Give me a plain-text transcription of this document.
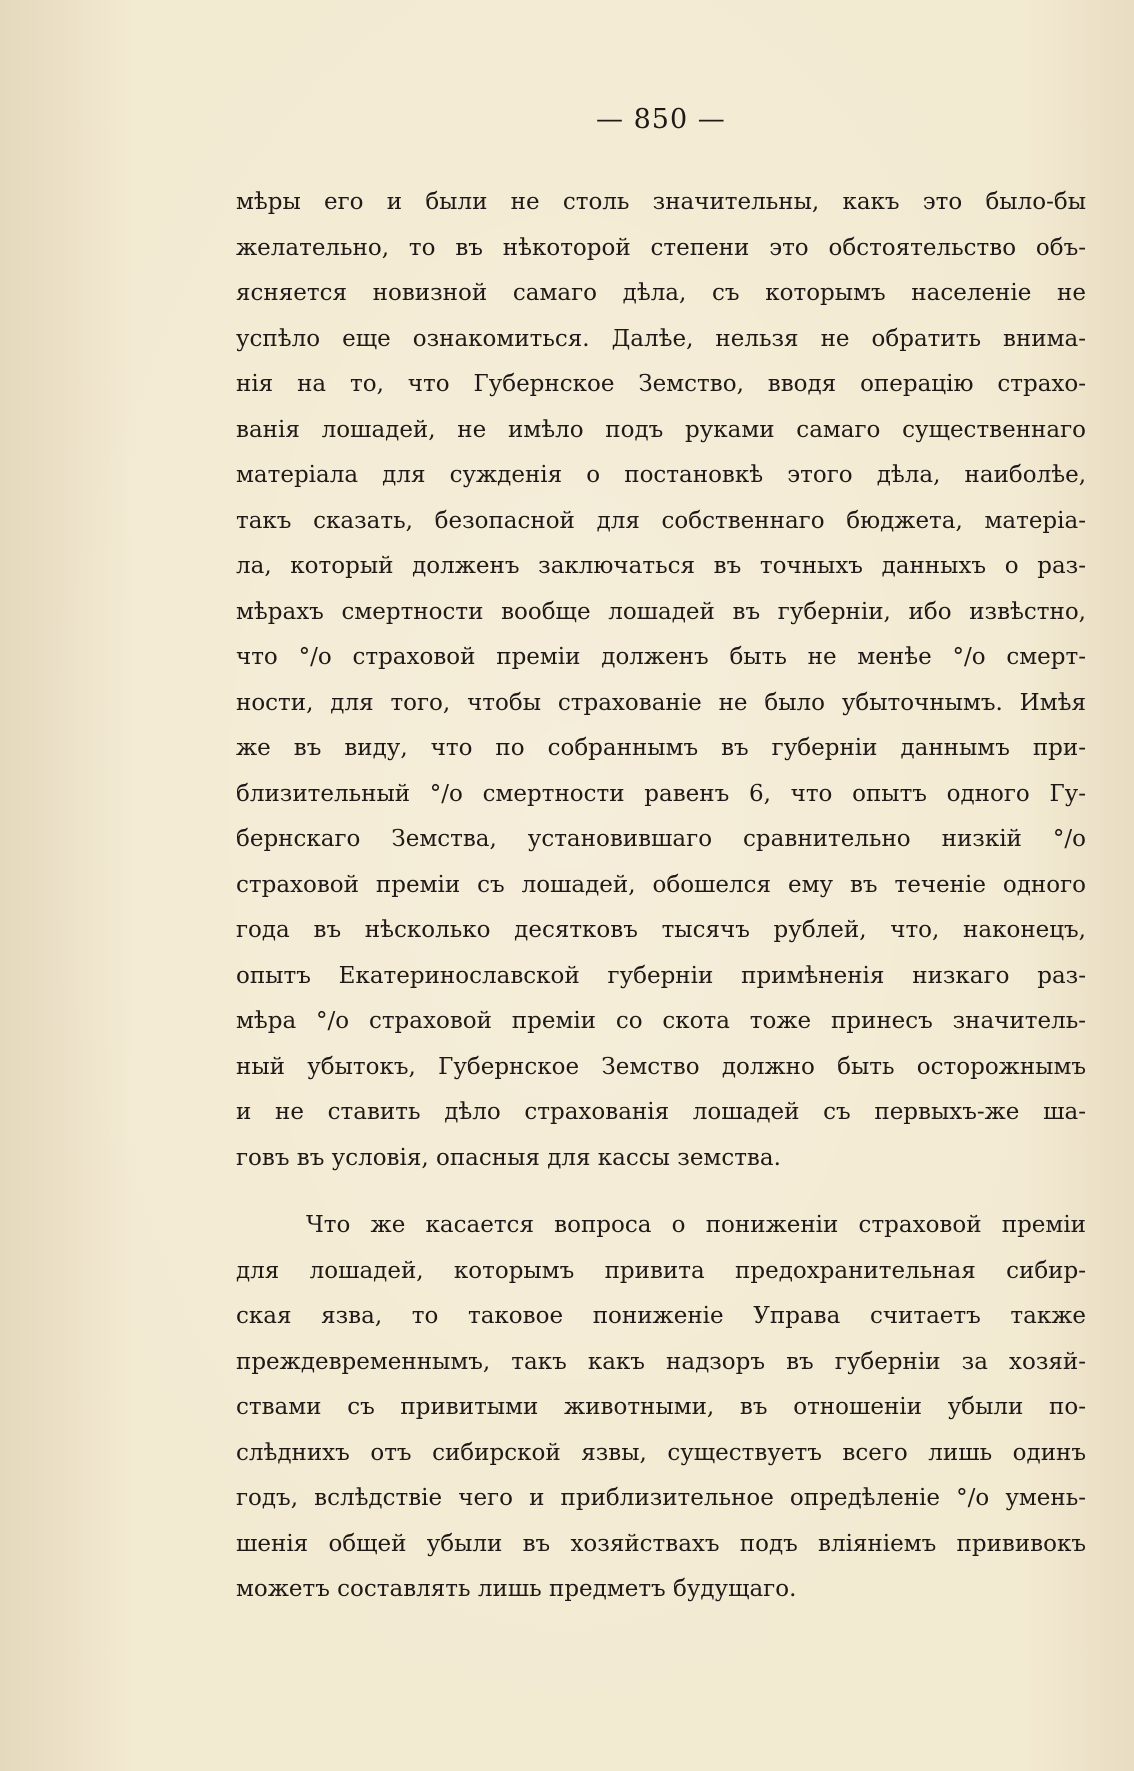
— 850 —
мѣры его и были не столь значительны, какъ это было-бы
желательно, то въ нѣкоторой степени это обстоятельство объ-
ясняется новизной самаго дѣла, съ которымъ населеніе не
успѣло еще ознакомиться. Далѣе, нельзя не обратить внима-
нія на то, что Губернское Земство, вводя операцію страхо-
ванія лошадей, не имѣло подъ руками самаго существеннаго
матеріала для сужденія о постановкѣ этого дѣла, наиболѣе,
такъ сказать, безопасной для собственнаго бюджета, матеріа-
ла, который долженъ заключаться въ точныхъ данныхъ о раз-
мѣрахъ смертности вообще лошадей въ губерніи, ибо извѣстно,
что °/o страховой преміи долженъ быть не менѣе °/o смерт-
ности, для того, чтобы страхованіе не было убыточнымъ. Имѣя
же въ виду, что по собраннымъ въ губерніи даннымъ при-
близительный °/o смертности равенъ 6, что опытъ одного Гу-
бернскаго Земства, установившаго сравнительно низкій °/o
страховой преміи съ лошадей, обошелся ему въ теченіе одного
года въ нѣсколько десятковъ тысячъ рублей, что, наконецъ,
опытъ Екатеринославской губерніи примѣненія низкаго раз-
мѣра °/o страховой преміи со скота тоже принесъ значитель-
ный убытокъ, Губернское Земство должно быть осторожнымъ
и не ставить дѣло страхованія лошадей съ первыхъ-же ша-
говъ въ условія, опасныя для кассы земства.
Что же касается вопроса о пониженіи страховой преміи
для лошадей, которымъ привита предохранительная сибир-
ская язва, то таковое пониженіе Управа считаетъ также
преждевременнымъ, такъ какъ надзоръ въ губерніи за хозяй-
ствами съ привитыми животными, въ отношеніи убыли по-
слѣднихъ отъ сибирской язвы, существуетъ всего лишь одинъ
годъ, вслѣдствіе чего и приблизительное опредѣленіе °/o умень-
шенія общей убыли въ хозяйствахъ подъ вліяніемъ прививокъ
можетъ составлять лишь предметъ будущаго.
